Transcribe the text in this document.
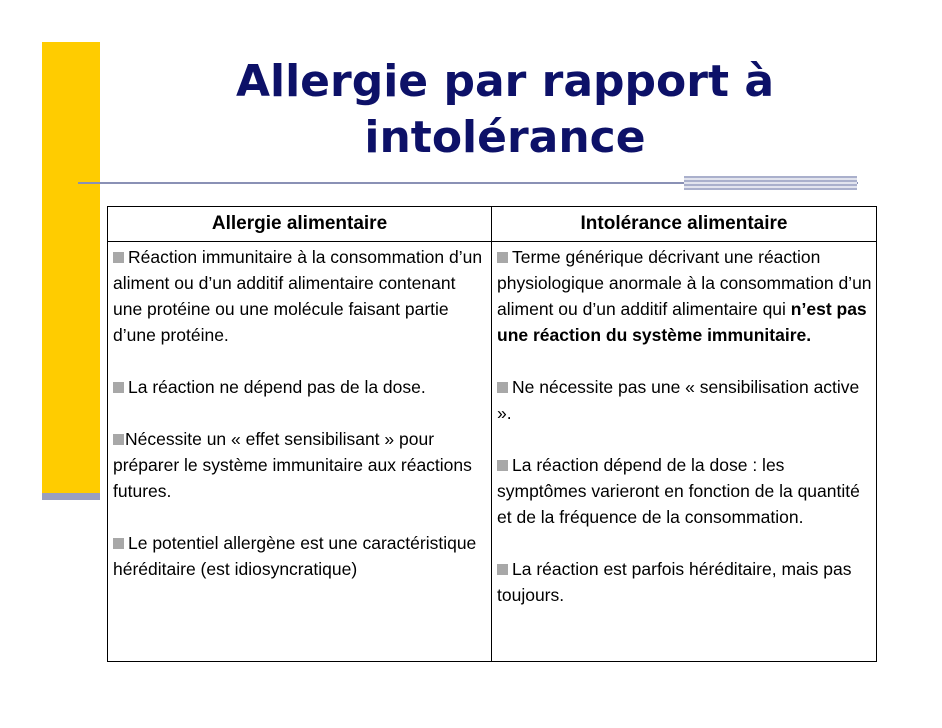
Allergie par rapport à intolérance
Allergie alimentaire	Intolérance alimentaire
Réaction immunitaire à la consommation d’un aliment ou d’un additif alimentaire contenant une protéine ou une molécule faisant partie d’une protéine.
La réaction ne dépend pas de la dose.
Nécessite un « effet sensibilisant » pour préparer le système immunitaire aux réactions futures.
Le potentiel allergène est une caractéristique héréditaire (est idiosyncratique)
Terme générique décrivant une réaction physiologique anormale à la consommation d’un aliment ou d’un additif alimentaire qui n’est pas une réaction du système immunitaire.
Ne nécessite pas une « sensibilisation active ».
La réaction dépend de la dose : les symptômes varieront en fonction de la quantité et de la fréquence de la consommation.
La réaction est parfois héréditaire, mais pas toujours.
